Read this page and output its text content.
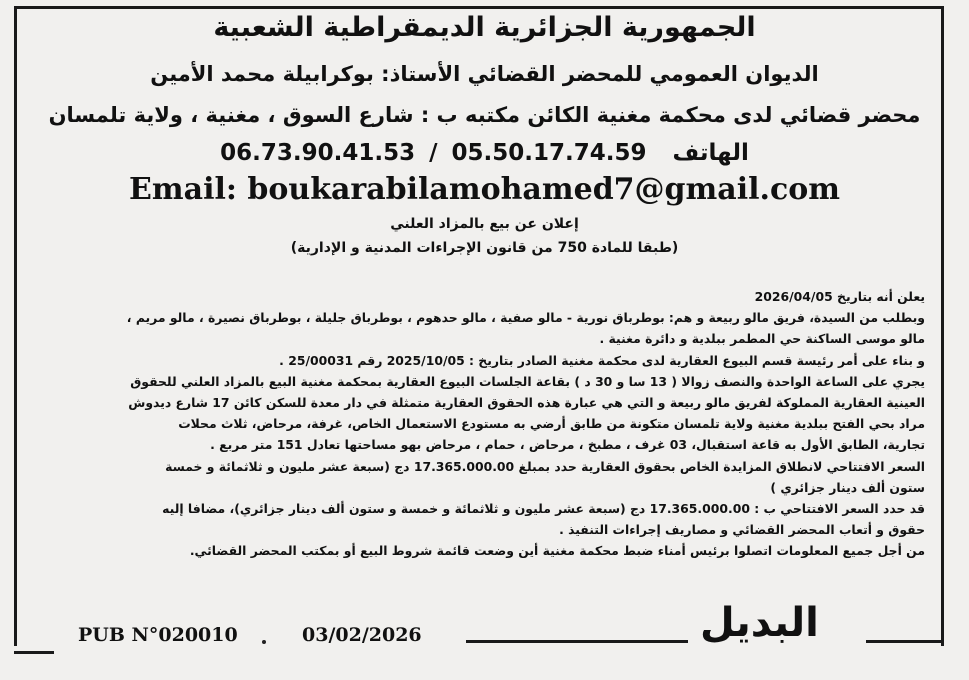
الجمهورية الجزائرية الديمقراطية الشعبية
الديوان العمومي للمحضر القضائي الأستاذ: بوكرابيلة محمد الأمين
محضر قضائي لدى محكمة مغنية الكائن مكتبه ب : شارع السوق ، مغنية ، ولاية تلمسان
06.73.90.41.53 / 05.50.17.74.59 الهاتف
Email: boukarabilamohamed7@gmail.com
إعلان عن بيع بالمزاد العلني
(طبقا للمادة 750 من قانون الإجراءات المدنية و الإدارية)

يعلن أنه بتاريخ 2026/04/05

وبطلب من السيدة، فريق مالو ربيعة و هم: بوطرباق نورية - مالو صفية ، مالو حدهوم ، بوطرباق جليلة ، بوطرباق نصيرة ، مالو مريم ،

مالو موسى الساكنة حي المطمر ببلدية و دائرة مغنية .

و بناء على أمر رئيسة قسم البيوع العقارية لدى محكمة مغنية الصادر بتاريخ : 2025/10/05 رقم 25/00031 .

يجري على الساعة الواحدة والنصف زوالا ( 13 سا و 30 د ) بقاعة الجلسات البيوع العقارية بمحكمة مغنية البيع بالمزاد العلني للحقوق

العينية العقارية المملوكة لفريق مالو ربيعة و التي هي عبارة هذه الحقوق العقارية متمثلة في دار معدة للسكن كائن 17 شارع ديدوش

مراد بحي الفتح ببلدية مغنية ولاية تلمسان متكونة من طابق أرضي به مستودع الاستعمال الخاص، غرفة، مرحاض، ثلاث محلات

تجارية، الطابق الأول به قاعة استقبال، 03 غرف ، مطبخ ، مرحاض ، حمام ، مرحاض بهو مساحتها تعادل 151 متر مربع .

السعر الافتتاحي لانطلاق المزايدة الخاص بحقوق العقارية حدد بمبلغ 17.365.000.00 دج (سبعة عشر مليون و ثلاثمائة و خمسة

ستون ألف دينار جزائري )

قد حدد السعر الافتتاحي ب : 17.365.000.00 دج (سبعة عشر مليون و ثلاثمائة و خمسة و ستون ألف دينار جزائري)، مضافا إليه

حقوق و أتعاب المحضر القضائي و مصاريف إجراءات التنفيذ .

من أجل جميع المعلومات اتصلوا برئيس أمناء ضبط محكمة مغنية أين وضعت قائمة شروط البيع أو بمكتب المحضر القضائي.

PUB N°020010	03/02/2026	البديل
